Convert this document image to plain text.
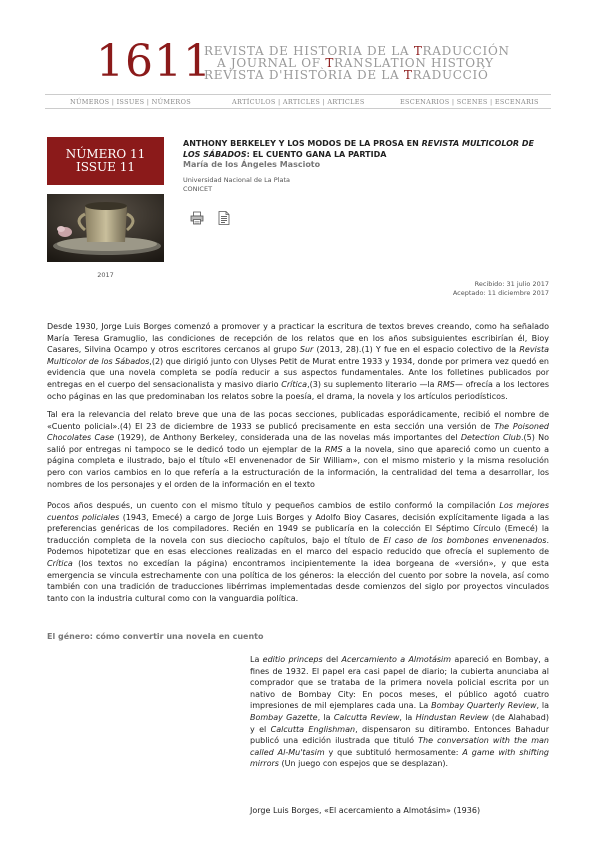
1611
REVISTA DE HISTORIA DE LA TRADUCCIÓN
A JOURNAL OF TRANSLATION HISTORY
REVISTA D'HISTÒRIA DE LA TRADUCCIÓ
NÚMEROS | ISSUES | NÚMEROS	ARTÍCULOS | ARTICLES | ARTICLES	ESCENARIOS | SCENES | ESCENARIS
NÚMERO 11
ISSUE 11
2017
ANTHONY BERKELEY Y LOS MODOS DE LA PROSA EN REVISTA MULTICOLOR DE LOS SÁBADOS: EL CUENTO GANA LA PARTIDA
María de los Ángeles Mascioto
Universidad Nacional de La Plata
CONICET
Recibido: 31 julio 2017
Aceptado: 11 diciembre 2017
Desde 1930, Jorge Luis Borges comenzó a promover y a practicar la escritura de textos breves creando, como ha señalado María Teresa Gramuglio, las condiciones de recepción de los relatos que en los años subsiguientes escribirían él, Bioy Casares, Silvina Ocampo y otros escritores cercanos al grupo Sur (2013, 28).(1) Y fue en el espacio colectivo de la Revista Multicolor de los Sábados,(2) que dirigió junto con Ulyses Petit de Murat entre 1933 y 1934, donde por primera vez quedó en evidencia que una novela completa se podía reducir a sus aspectos fundamentales. Ante los folletines publicados por entregas en el cuerpo del sensacionalista y masivo diario Crítica,(3) su suplemento literario —la RMS— ofrecía a los lectores ocho páginas en las que predominaban los relatos sobre la poesía, el drama, la novela y los artículos periodísticos.
Tal era la relevancia del relato breve que una de las pocas secciones, publicadas esporádicamente, recibió el nombre de «Cuento policial».(4) El 23 de diciembre de 1933 se publicó precisamente en esta sección una versión de The Poisoned Chocolates Case (1929), de Anthony Berkeley, considerada una de las novelas más importantes del Detection Club.(5) No salió por entregas ni tampoco se le dedicó todo un ejemplar de la RMS a la novela, sino que apareció como un cuento a página completa e ilustrado, bajo el título «El envenenador de Sir William», con el mismo misterio y la misma resolución pero con varios cambios en lo que refería a la estructuración de la información, la centralidad del tema a desarrollar, los nombres de los personajes y el orden de la información en el texto
Pocos años después, un cuento con el mismo título y pequeños cambios de estilo conformó la compilación Los mejores cuentos policiales (1943, Emecé) a cargo de Jorge Luis Borges y Adolfo Bioy Casares, decisión explícitamente ligada a las preferencias genéricas de los compiladores. Recién en 1949 se publicaría en la colección El Séptimo Círculo (Emecé) la traducción completa de la novela con sus dieciocho capítulos, bajo el título de El caso de los bombones envenenados. Podemos hipotetizar que en esas elecciones realizadas en el marco del espacio reducido que ofrecía el suplemento de Crítica (los textos no excedían la página) encontramos incipientemente la idea borgeana de «versión», y que esta emergencia se vincula estrechamente con una política de los géneros: la elección del cuento por sobre la novela, así como también con una tradición de traducciones libérrimas implementadas desde comienzos del siglo por proyectos vinculados tanto con la industria cultural como con la vanguardia política.
El género: cómo convertir una novela en cuento
La editio princeps del Acercamiento a Almotásim apareció en Bombay, a fines de 1932. El papel era casi papel de diario; la cubierta anunciaba al comprador que se trataba de la primera novela policial escrita por un nativo de Bombay City: En pocos meses, el público agotó cuatro impresiones de mil ejemplares cada una. La Bombay Quarterly Review, la Bombay Gazette, la Calcutta Review, la Hindustan Review (de Alahabad) y el Calcutta Englishman, dispensaron su ditirambo. Entonces Bahadur publicó una edición ilustrada que tituló The conversation with the man called Al-Mu'tasim y que subtituló hermosamente: A game with shifting mirrors (Un juego con espejos que se desplazan).
Jorge Luis Borges, «El acercamiento a Almotásim» (1936)
